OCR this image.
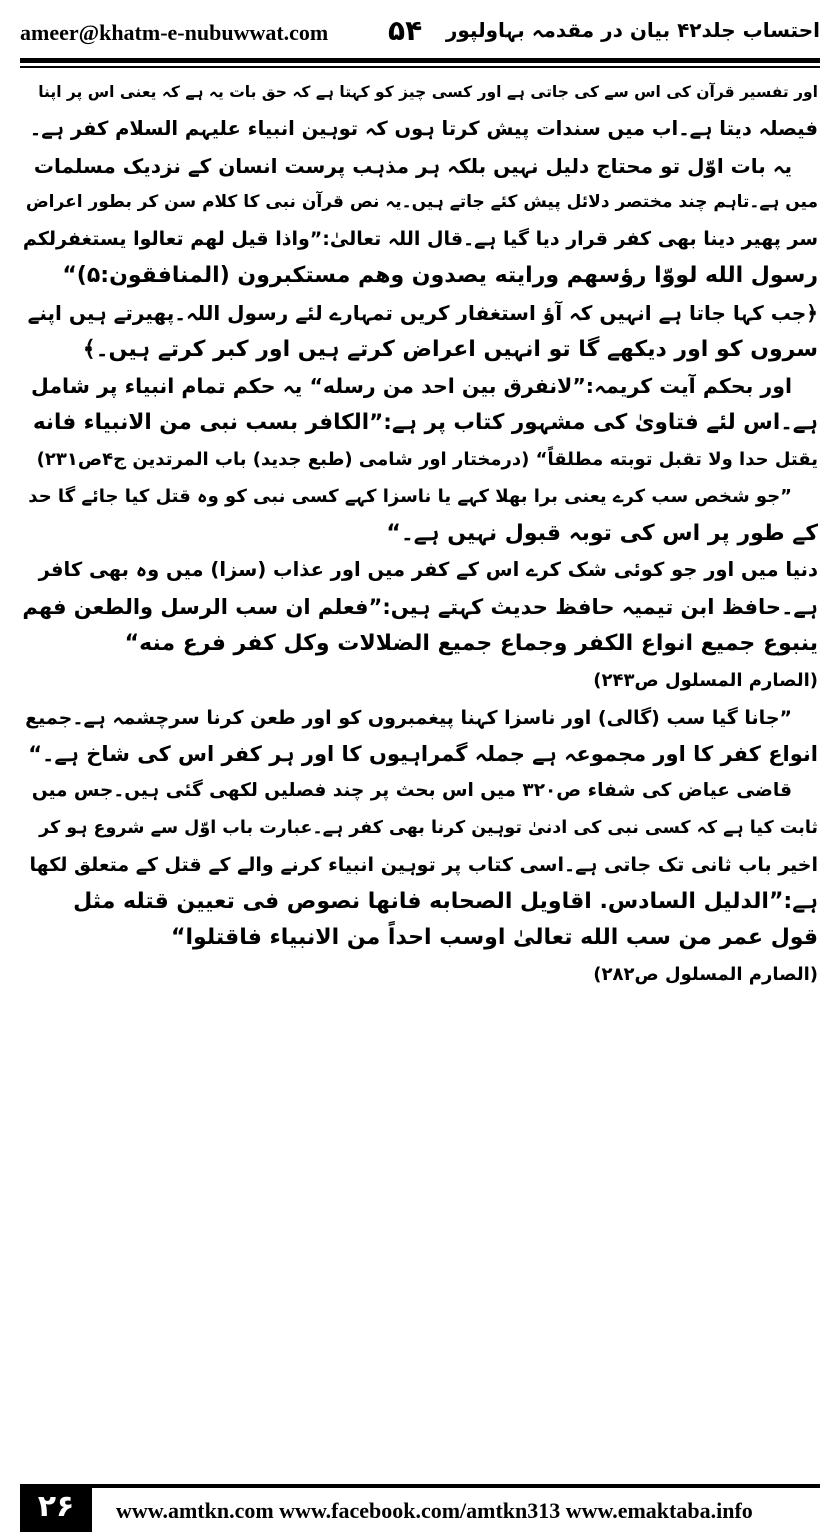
ameer@khatm-e-nubuwwat.com ۵۴ احتساب جلد۴۲ بیان در مقدمہ بہاولپور
اور تفسیر قرآن کی اس سے کی جاتی ہے اور کسی چیز کو کہتا ہے کہ حق بات یہ ہے کہ یعنی اس پر اپنا
فیصلہ دیتا ہے۔اب میں سندات پیش کرتا ہوں کہ توہین انبیاء علیہم السلام کفر ہے۔
یہ بات اوّل تو محتاج دلیل نہیں بلکہ ہر مذہب پرست انسان کے نزدیک مسلمات
میں ہے۔تاہم چند مختصر دلائل پیش کئے جاتے ہیں۔یہ نص قرآن نبی کا کلام سن کر بطور اعراض
سر پھیر دینا بھی کفر قرار دیا گیا ہے۔قال اللہ تعالیٰ:”واذا قیل لهم تعالوا یستغفرلکم
رسول الله لووّا رؤسهم ورایته یصدون وهم مستکبرون (المنافقون:۵)“
﴿جب کہا جاتا ہے انہیں کہ آؤ استغفار کریں تمہارے لئے رسول اللہ۔پھیرتے ہیں اپنے
سروں کو اور دیکھے گا تو انہیں اعراض کرتے ہیں اور کبر کرتے ہیں۔﴾
اور بحکم آیت کریمہ:”لانفرق بین احد من رسله“ یہ حکم تمام انبیاء پر شامل
ہے۔اس لئے فتاویٰ کی مشہور کتاب پر ہے:”الکافر بسب نبی من الانبیاء فانه
یقتل حدا ولا تقبل توبته مطلقاً“ (درمختار اور شامی (طبع جدید) باب المرتدین ج۴ص۲۳۱)
”جو شخص سب کرے یعنی برا بھلا کہے یا ناسزا کہے کسی نبی کو وہ قتل کیا جائے گا حد
کے طور پر اس کی توبہ قبول نہیں ہے۔“
دنیا میں اور جو کوئی شک کرے اس کے کفر میں اور عذاب (سزا) میں وہ بھی کافر
ہے۔حافظ ابن تیمیہ حافظ حدیث کہتے ہیں:”فعلم ان سب الرسل والطعن فهم
ینبوع جمیع انواع الکفر وجماع جمیع الضلالات وکل کفر فرع منه“
(الصارم المسلول ص۲۴۳)
”جانا گیا سب (گالی) اور ناسزا کہنا پیغمبروں کو اور طعن کرنا سرچشمہ ہے۔جمیع
انواع کفر کا اور مجموعہ ہے جملہ گمراہیوں کا اور ہر کفر اس کی شاخ ہے۔“
قاضی عیاض کی شفاء ص۳۲۰ میں اس بحث پر چند فصلیں لکھی گئی ہیں۔جس میں
ثابت کیا ہے کہ کسی نبی کی ادنیٰ توہین کرنا بھی کفر ہے۔عبارت باب اوّل سے شروع ہو کر
اخیر باب ثانی تک جاتی ہے۔اسی کتاب پر توہین انبیاء کرنے والے کے قتل کے متعلق لکھا
ہے:”الدلیل السادس. اقاویل الصحابه فانها نصوص فی تعیین قتله مثل
قول عمر من سب الله تعالیٰ اوسب احداً من الانبیاء فاقتلوا“
(الصارم المسلول ص۲۸۲)
۲۶	www.amtkn.com www.facebook.com/amtkn313 www.emaktaba.info
